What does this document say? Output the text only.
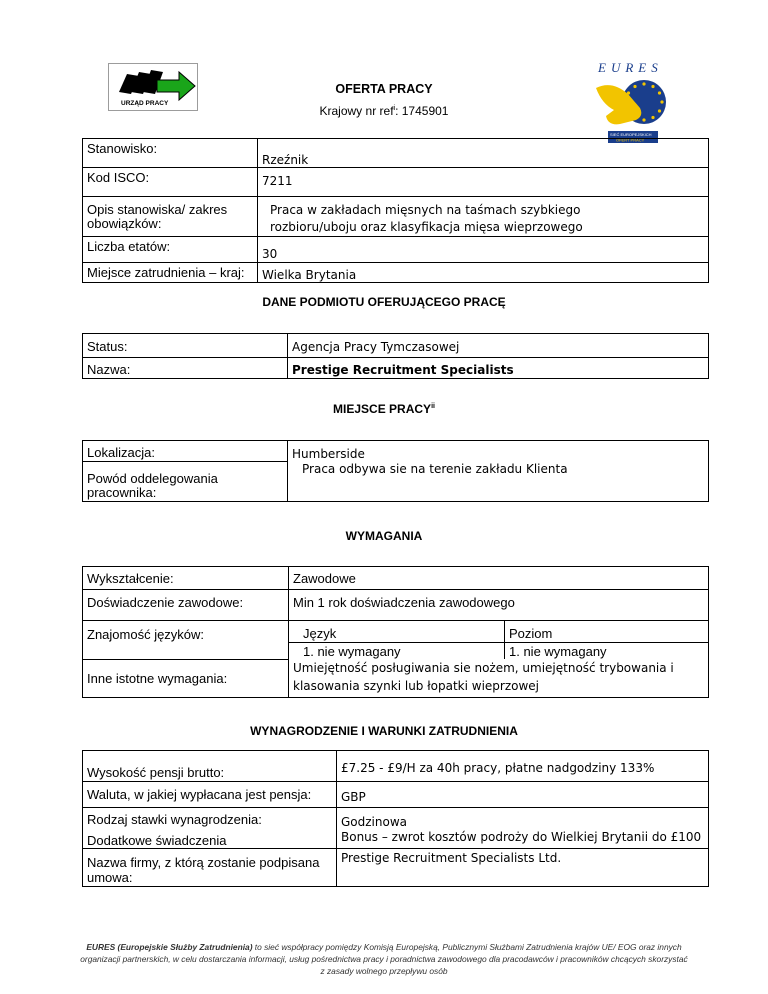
URZĄD PRACY
OFERTA PRACY
Krajowy nr ref$^i$: 1745901
EURES
SIEĆ EUROPEJSKICH
OFERT PRACY
Stanowisko:	Rzeźnik
Kod ISCO:	7211
Opis stanowiska/ zakres obowiązków:	Praca w zakładach mięsnych na taśmach szybkiego rozbioru/uboju oraz klasyfikacja mięsa wieprzowego
Liczba etatów:	30
Miejsce zatrudnienia – kraj:	Wielka Brytania
DANE PODMIOTU OFERUJĄCEGO PRACĘ
Status:	Agencja Pracy Tymczasowej
Nazwa:	Prestige Recruitment Specialists
MIEJSCE PRACY$^{ii}$
Lokalizacja:	Humberside
Powód oddelegowania pracownika:	Praca odbywa sie na terenie zakładu Klienta
WYMAGANIA
Wykształcenie:	Zawodowe	
Doświadczenie zawodowe:	Min 1 rok doświadczenia zawodowego	
Znajomość języków:	Język	Poziom
	1. nie wymagany	1. nie wymagany
Inne istotne wymagania:	Umiejętność posługiwania sie nożem, umiejętność trybowania i klasowania szynki lub łopatki wieprzowej	
WYNAGRODZENIE I WARUNKI ZATRUDNIENIA
Wysokość pensji brutto:	£7.25 - £9/H za 40h pracy, płatne nadgodziny 133%
Waluta, w jakiej wypłacana jest pensja:	GBP
Rodzaj stawki wynagrodzenia:	Godzinowa
Dodatkowe świadczenia	Bonus – zwrot kosztów podroży do Wielkiej Brytanii do £100
Nazwa firmy, z którą zostanie podpisana umowa:	Prestige Recruitment Specialists Ltd.
EURES (Europejskie Służby Zatrudnienia) to sieć współpracy pomiędzy Komisją Europejską, Publicznymi Służbami Zatrudnienia krajów UE/ EOG oraz innych organizacji partnerskich, w celu dostarczania informacji, usług pośrednictwa pracy i poradnictwa zawodowego dla pracodawców i pracowników chcących skorzystać z zasady wolnego przepływu osób
